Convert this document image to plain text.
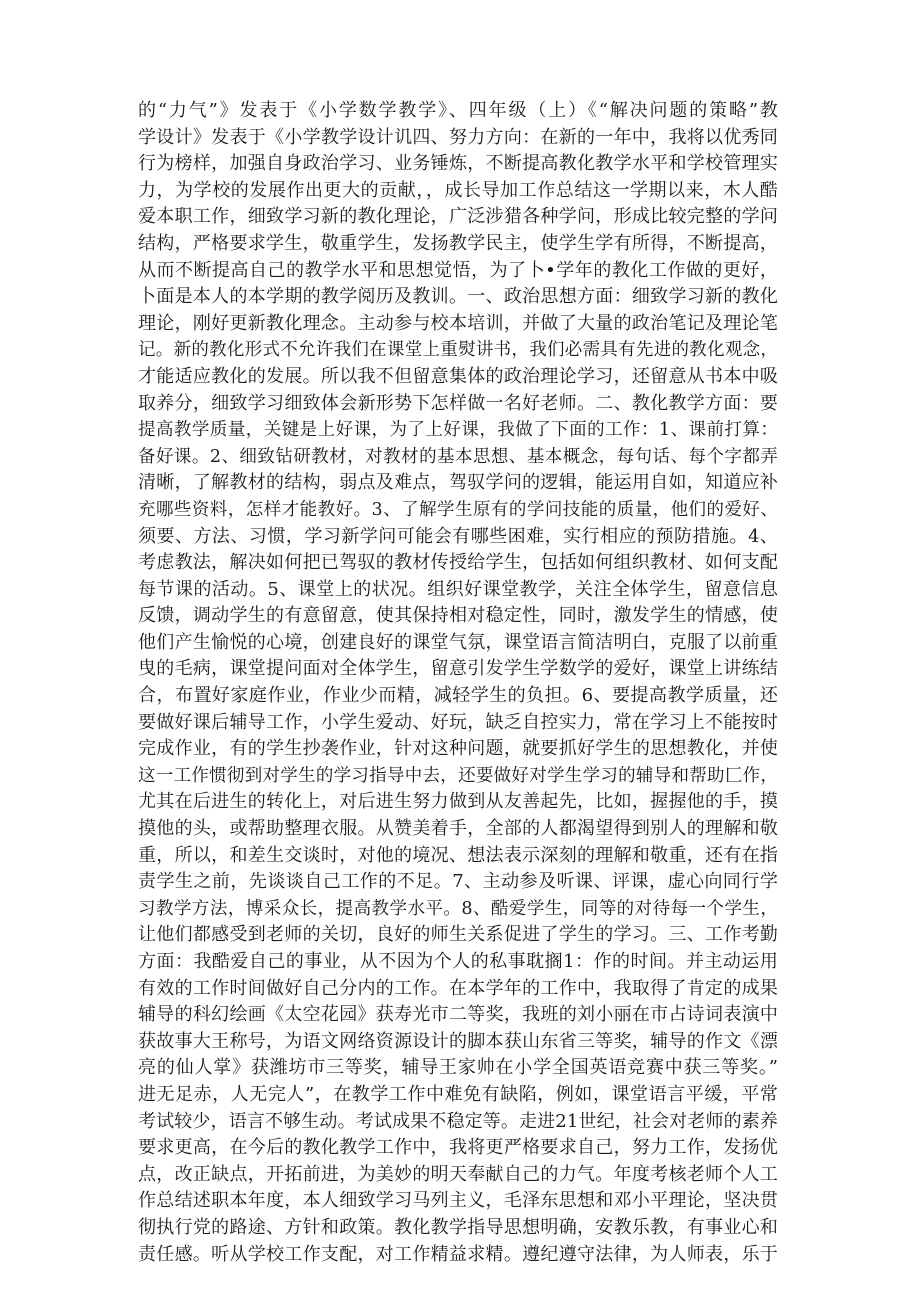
的“力气”》发表于《小学数学教学》、四年级（上）《“解决问题的策略”教
学设计》发表于《小学教学设计讥四、努力方向：在新的一年中，我将以优秀同
行为榜样，加强自身政治学习、业务锤炼，不断提高教化教学水平和学校管理实
力，为学校的发展作出更大的贡献，，成长导加工作总结这一学期以来，木人酷
爱本职工作，细致学习新的教化理论，广泛涉猎各种学问，形成比较完整的学问
结构，严格要求学生，敬重学生，发扬教学民主，使学生学有所得，不断提高，
从而不断提高自己的教学水平和思想觉悟，为了卜•学年的教化工作做的更好，
卜面是本人的本学期的教学阅历及教训。一、政治思想方面：细致学习新的教化
理论，刚好更新教化理念。主动参与校本培训，并做了大量的政治笔记及理论笔
记。新的教化形式不允许我们在课堂上重熨讲书，我们必需具有先进的教化观念，
才能适应教化的发展。所以我不但留意集体的政治理论学习，还留意从书本中吸
取养分，细致学习细致体会新形势下怎样做一名好老师。二、教化教学方面：要
提高教学质量，关键是上好课，为了上好课，我做了下面的工作：1、课前打算：
备好课。2、细致钻研教材，对教材的基本思想、基本概念，每句话、每个字都弄
清晰，了解教材的结构，弱点及难点，驾驭学问的逻辑，能运用自如，知道应补
充哪些资料，怎样才能教好。3、了解学生原有的学问技能的质量，他们的爱好、
须要、方法、习惯，学习新学问可能会有哪些困难，实行相应的预防措施。4、
考虑教法，解决如何把已驾驭的教材传授给学生，包括如何组织教材、如何支配
每节课的活动。5、课堂上的状况。组织好课堂教学，关注全体学生，留意信息
反馈，调动学生的有意留意，使其保持相对稳定性，同时，激发学生的情感，使
他们产生愉悦的心境，创建良好的课堂气氛，课堂语言简洁明白，克服了以前重
曳的毛病，课堂提问面对全体学生，留意引发学生学数学的爱好，课堂上讲练结
合，布置好家庭作业，作业少而精，减轻学生的负担。6、要提高教学质量，还
要做好课后辅导工作，小学生爱动、好玩，缺乏自控实力，常在学习上不能按时
完成作业，有的学生抄袭作业，针对这种问题，就要抓好学生的思想教化，并使
这一工作惯彻到对学生的学习指导中去，还要做好对学生学习的辅导和帮助匚作，
尤其在后进生的转化上，对后进生努力做到从友善起先，比如，握握他的手，摸
摸他的头，或帮助整理衣服。从赞美着手，全部的人都渴望得到别人的理解和敬
重，所以，和差生交谈时，对他的境况、想法表示深刻的理解和敬重，还有在指
责学生之前，先谈谈自己工作的不足。7、主动参及听课、评课，虚心向同行学
习教学方法，博采众长，提高教学水平。8、酷爱学生，同等的对待每一个学生，
让他们都感受到老师的关切，良好的师生关系促进了学生的学习。三、工作考勤
方面：我酷爱自己的事业，从不因为个人的私事耽搁1：作的时间。并主动运用
有效的工作时间做好自己分内的工作。在本学年的工作中，我取得了肯定的成果
辅导的科幻绘画《太空花园》获寿光市二等奖，我班的刘小丽在市占诗词表演中
获故事大王称号，为语文网络资源设计的脚本获山东省三等奖，辅导的作文《漂
亮的仙人掌》获潍坊市三等奖，辅导王家帅在小学全国英语竞赛中获三等奖。”
进无足赤，人无完人”，在教学工作中难免有缺陷，例如，课堂语言平缓，平常
考试较少，语言不够生动。考试成果不稳定等。走进21世纪，社会对老师的素养
要求更高，在今后的教化教学工作中，我将更严格要求自己，努力工作，发扬优
点，改正缺点，开拓前进，为美妙的明天奉献自己的力气。年度考核老师个人工
作总结述职本年度，本人细致学习马列主义，毛泽东思想和邓小平理论，坚决贯
彻执行党的路途、方针和政策。教化教学指导思想明确，安教乐教，有事业心和
责任感。听从学校工作支配，对工作精益求精。遵纪遵守法律，为人师表，乐于
